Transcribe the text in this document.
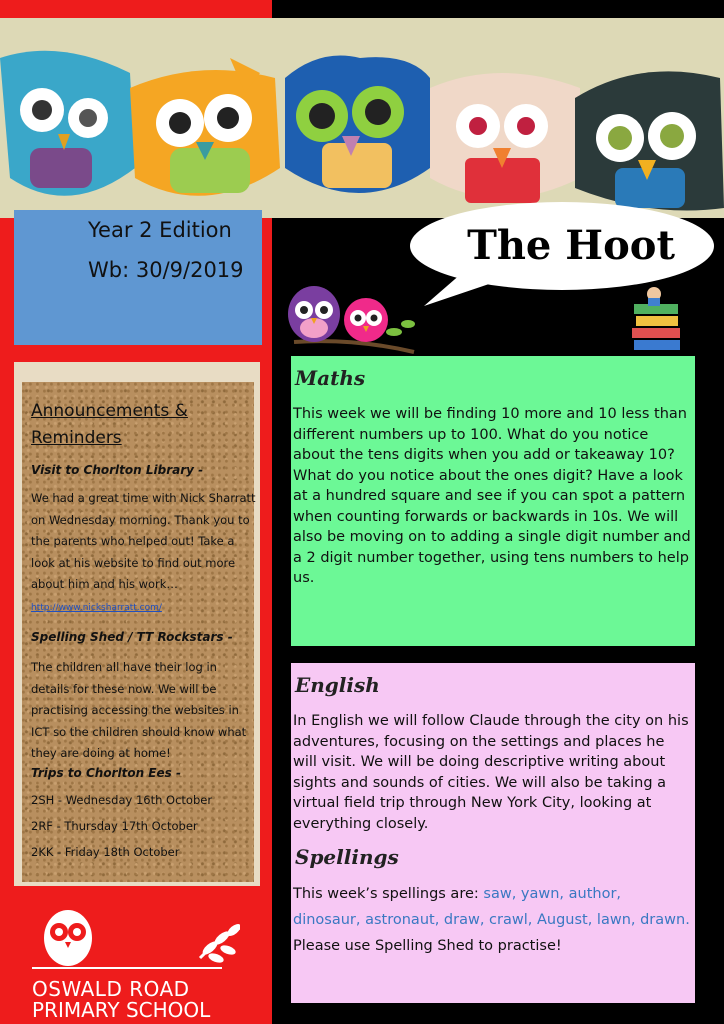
Year 2 Edition
Wb: 30/9/2019
The Hoot
Announcements & Reminders
Visit to Chorlton Library -
We had a great time with Nick Sharratt on Wednesday morning. Thank you to the parents who helped out! Take a look at his website to find out more about him and his work… http://www.nicksharratt.com/
Spelling Shed / TT Rockstars -
The children all have their log in details for these now. We will be practising accessing the websites in ICT so the children should know what they are doing at home!
Trips to Chorlton Ees -
2SH - Wednesday 16th October
2RF - Thursday 17th October
2KK - Friday 18th October
OSWALD ROAD
PRIMARY SCHOOL
Maths
This week we will be finding 10 more and 10 less than different numbers up to 100. What do you notice about the tens digits when you add or takeaway 10? What do you notice about the ones digit? Have a look at a hundred square and see if you can spot a pattern when counting forwards or backwards in 10s. We will also be moving on to adding a single digit number and a 2 digit number together, using tens numbers to help us.
English
In English we will follow Claude through the city on his adventures, focusing on the settings and places he will visit. We will be doing descriptive writing about sights and sounds of cities. We will also be taking a virtual field trip through New York City, looking at everything closely.
Spellings
This week’s spellings are: saw, yawn, author, dinosaur, astronaut, draw, crawl, August, lawn, drawn. Please use Spelling Shed to practise!
